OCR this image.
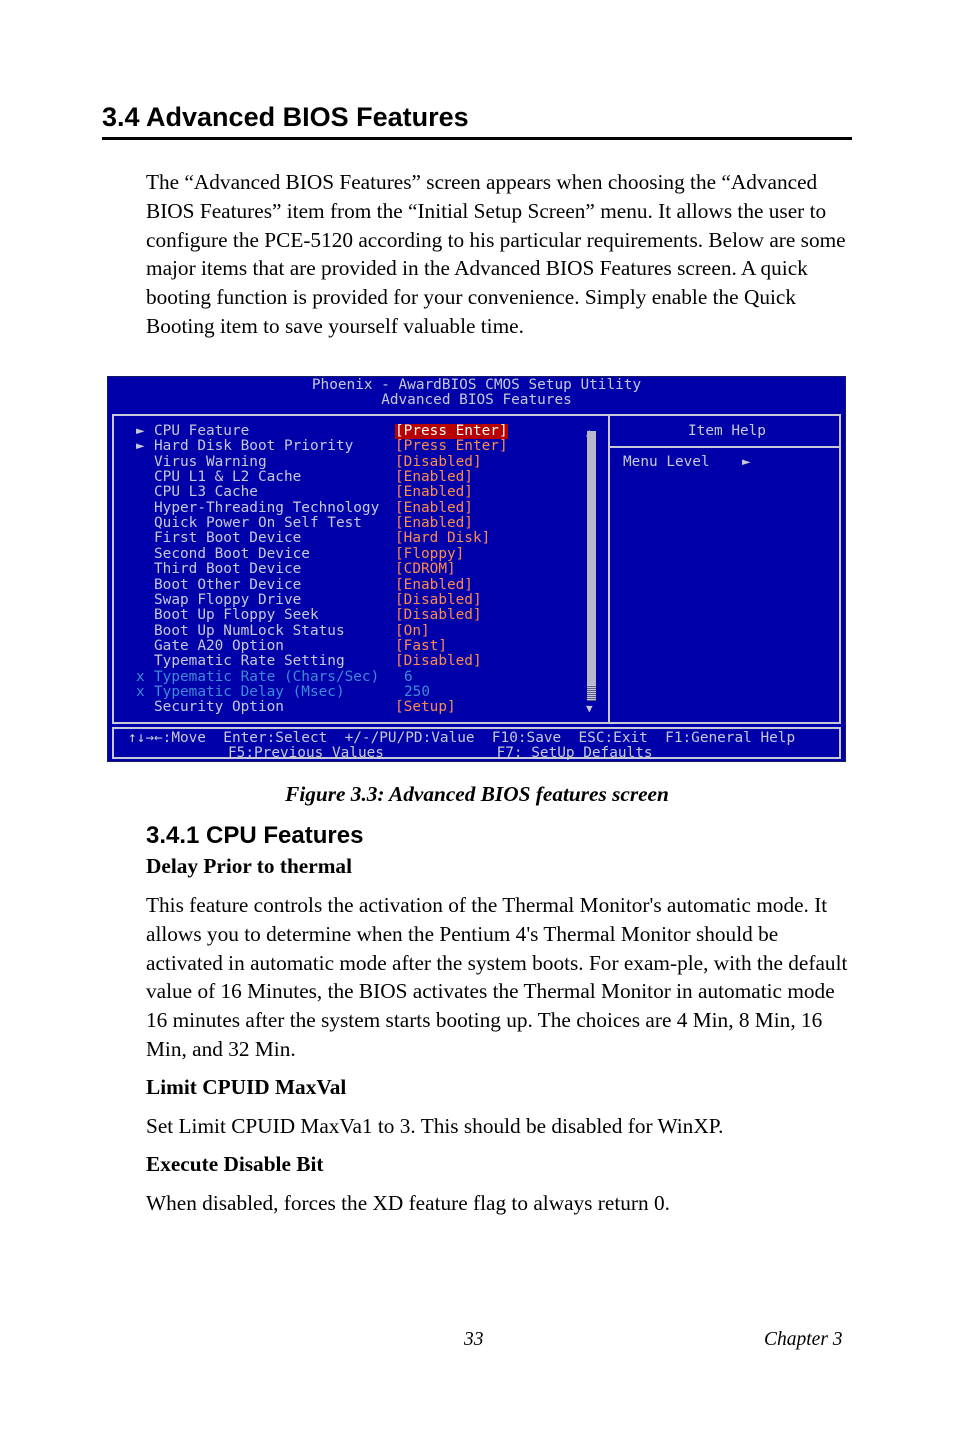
3.4 Advanced BIOS Features

The “Advanced BIOS Features” screen appears when choosing the “Advanced BIOS Features” item from the “Initial Setup Screen” menu. It allows the user to configure the PCE-5120 according to his particular requirements. Below are some major items that are provided in the Advanced BIOS Features screen. A quick booting function is provided for your convenience. Simply enable the Quick Booting item to save yourself valuable time.

Phoenix - AwardBIOS CMOS Setup Utility

Advanced BIOS Features

► CPU Feature	[Press Enter]

► Hard Disk Boot Priority	[Press Enter]

Virus Warning	[Disabled]

CPU L1 & L2 Cache	[Enabled]

CPU L3 Cache	[Enabled]

Hyper-Threading Technology [Enabled]

Quick Power On Self Test [Enabled]

First Boot Device	[Hard Disk]

Second Boot Device	[Floppy]

Third Boot Device	[CDROM]

Boot Other Device	[Enabled]

Swap Floppy Drive	[Disabled]

Boot Up Floppy Seek	[Disabled]

Boot Up NumLock Status	[On]

Gate A20 Option	[Fast]

Typematic Rate Setting	[Disabled]

x Typematic Rate (Chars/Sec) 6

x Typematic Delay (Msec)	250

Security Option	[Setup]

	▼

Item Help

Menu Level

►

↑↓→←:Move  Enter:Select  +/-/PU/PD:Value  F10:Save  ESC:Exit  F1:General Help

F5:Previous Values             F7: SetUp Defaults

Figure 3.3: Advanced BIOS features screen
3.4.1 CPU Features

Delay Prior to thermal

This feature controls the activation of the Thermal Monitor's automatic mode. It allows you to determine when the Pentium 4's Thermal Monitor should be activated in automatic mode after the system boots. For exam-ple, with the default value of 16 Minutes, the BIOS activates the Thermal Monitor in automatic mode 16 minutes after the system starts booting up. The choices are 4 Min, 8 Min, 16 Min, and 32 Min.

Limit CPUID MaxVal

Set Limit CPUID MaxVa1 to 3. This should be disabled for WinXP.

Execute Disable Bit

When disabled, forces the XD feature flag to always return 0.

33	Chapter 3
